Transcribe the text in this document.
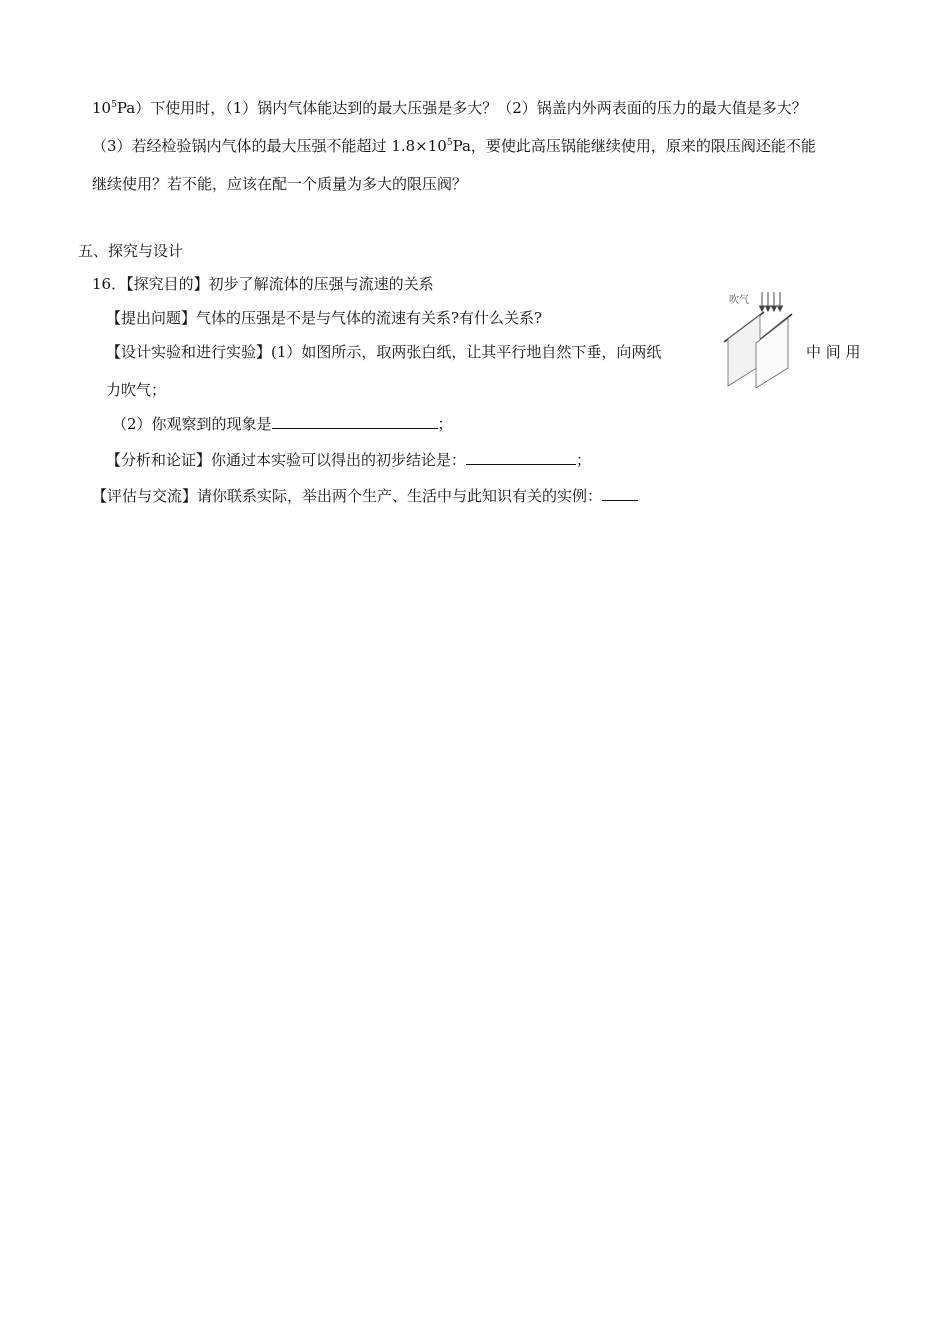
$10^5Pa$）下使用时，（1）锅内气体能达到的最大压强是多大？（2）锅盖内外两表面的压力的最大值是多大？
（3）若经检验锅内气体的最大压强不能超过 $1.8\times 10^5Pa$，要使此高压锅能继续使用，原来的限压阀还能不能
继续使用？若不能，应该在配一个质量为多大的限压阀？
五、探究与设计
16．【探究目的】初步了解流体的压强与流速的关系
【提出问题】气体的压强是不是与气体的流速有关系?有什么关系?
【设计实验和进行实验】(1）如图所示，取两张白纸，让其平行地自然下垂，向两纸	中 间 用
力吹气；
（2）你观察到的现象是	；
【分析和论证】你通过本实验可以得出的初步结论是：	；
【评估与交流】请你联系实际，举出两个生产、生活中与此知识有关的实例：
吹气
